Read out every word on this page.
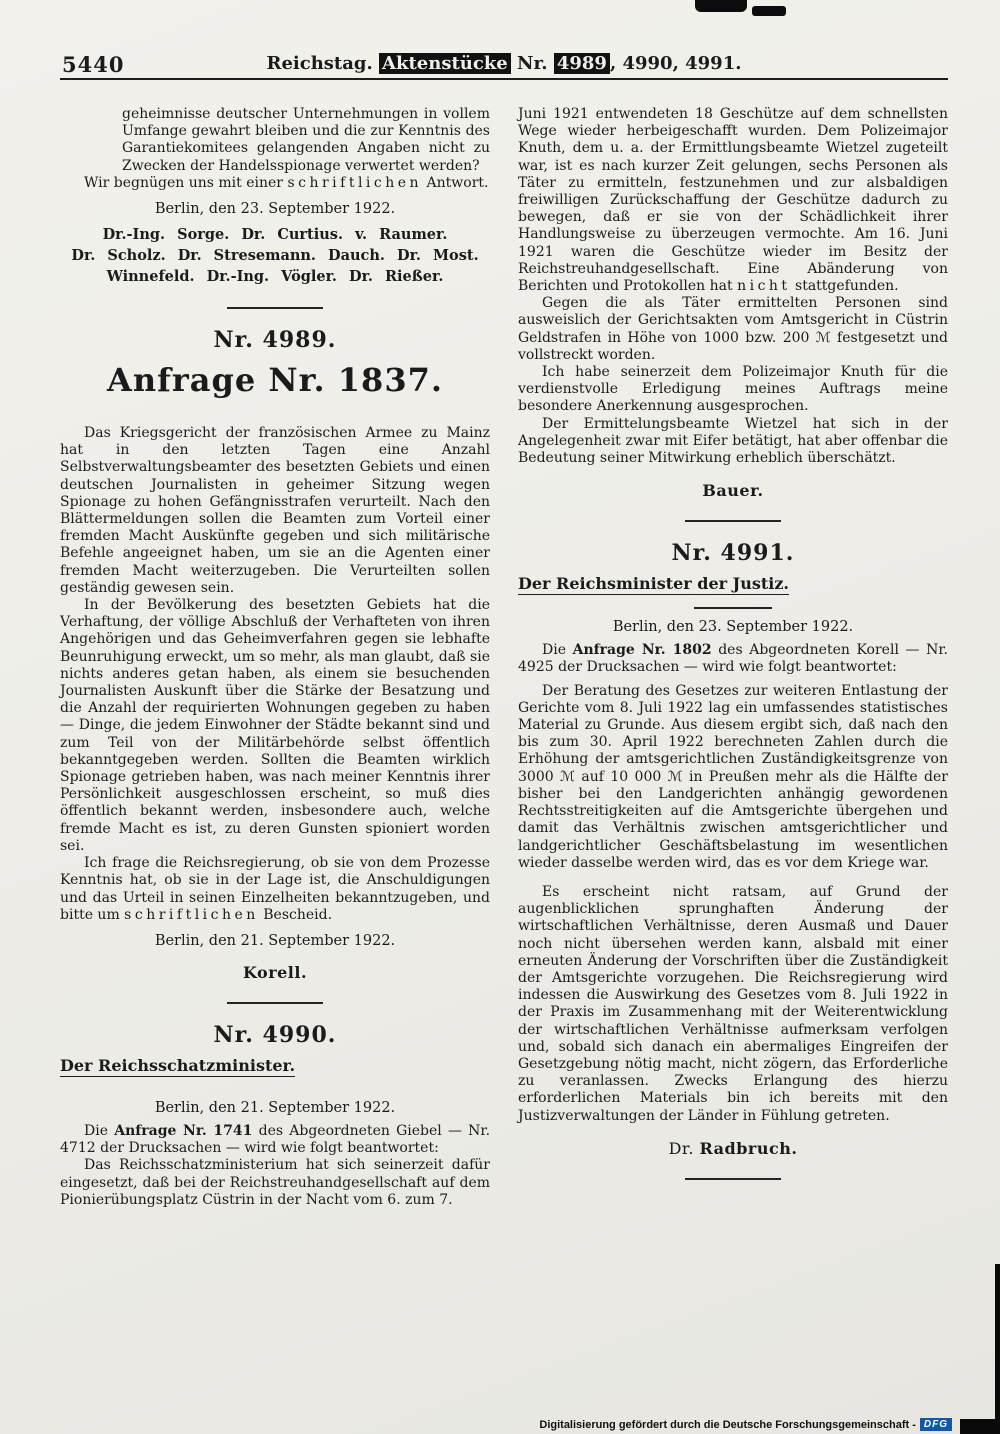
5440	Reichstag. Aktenstücke Nr. 4989 , 4990, 4991.

geheimnisse deutscher Unternehmungen in vollem Umfange gewahrt bleiben und die zur Kenntnis des Garantiekomitees gelangenden Angaben nicht zu Zwecken der Handelsspionage verwertet werden?

Wir begnügen uns mit einer schriftlichen Antwort.

Berlin, den 23. September 1922.

Dr.-Ing. Sorge. Dr. Curtius. v. Raumer.
Dr. Scholz. Dr. Stresemann. Dauch. Dr. Most.
Winnefeld. Dr.-Ing. Vögler. Dr. Rießer.
Nr. 4989.
Anfrage Nr. 1837.

Das Kriegsgericht der französischen Armee zu Mainz hat in den letzten Tagen eine Anzahl Selbstverwaltungsbeamter des besetzten Gebiets und einen deutschen Journalisten in geheimer Sitzung wegen Spionage zu hohen Gefängnisstrafen verurteilt. Nach den Blättermeldungen sollen die Beamten zum Vorteil einer fremden Macht Auskünfte gegeben und sich militärische Befehle angeeignet haben, um sie an die Agenten einer fremden Macht weiterzugeben. Die Verurteilten sollen geständig gewesen sein.

In der Bevölkerung des besetzten Gebiets hat die Verhaftung, der völlige Abschluß der Verhafteten von ihren Angehörigen und das Geheimverfahren gegen sie lebhafte Beunruhigung erweckt, um so mehr, als man glaubt, daß sie nichts anderes getan haben, als einem sie besuchenden Journalisten Auskunft über die Stärke der Besatzung und die Anzahl der requirierten Wohnungen gegeben zu haben — Dinge, die jedem Einwohner der Städte bekannt sind und zum Teil von der Militärbehörde selbst öffentlich bekanntgegeben werden. Sollten die Beamten wirklich Spionage getrieben haben, was nach meiner Kenntnis ihrer Persönlichkeit ausgeschlossen erscheint, so muß dies öffentlich bekannt werden, insbesondere auch, welche fremde Macht es ist, zu deren Gunsten spioniert worden sei.

Ich frage die Reichsregierung, ob sie von dem Prozesse Kenntnis hat, ob sie in der Lage ist, die Anschuldigungen und das Urteil in seinen Einzelheiten bekanntzugeben, und bitte um schriftlichen Bescheid.

Berlin, den 21. September 1922.

Korell.
Nr. 4990.
Der Reichsschatzminister.

Berlin, den 21. September 1922.

Die Anfrage Nr. 1741 des Abgeordneten Giebel — Nr. 4712 der Drucksachen — wird wie folgt beantwortet:

Das Reichsschatzministerium hat sich seinerzeit dafür eingesetzt, daß bei der Reichstreuhandgesellschaft auf dem Pionierübungsplatz Cüstrin in der Nacht vom 6. zum 7.

Juni 1921 entwendeten 18 Geschütze auf dem schnellsten Wege wieder herbeigeschafft wurden. Dem Polizeimajor Knuth, dem u. a. der Ermittlungsbeamte Wietzel zugeteilt war, ist es nach kurzer Zeit gelungen, sechs Personen als Täter zu ermitteln, festzunehmen und zur alsbaldigen freiwilligen Zurückschaffung der Geschütze dadurch zu bewegen, daß er sie von der Schädlichkeit ihrer Handlungsweise zu überzeugen vermochte. Am 16. Juni 1921 waren die Geschütze wieder im Besitz der Reichstreuhandgesellschaft. Eine Abänderung von Berichten und Protokollen hat nicht stattgefunden.

Gegen die als Täter ermittelten Personen sind ausweislich der Gerichtsakten vom Amtsgericht in Cüstrin Geldstrafen in Höhe von 1000 bzw. 200 ℳ festgesetzt und vollstreckt worden.

Ich habe seinerzeit dem Polizeimajor Knuth für die verdienstvolle Erledigung meines Auftrags meine besondere Anerkennung ausgesprochen.

Der Ermittelungsbeamte Wietzel hat sich in der Angelegenheit zwar mit Eifer betätigt, hat aber offenbar die Bedeutung seiner Mitwirkung erheblich überschätzt.

Bauer.
Nr. 4991.
Der Reichsminister der Justiz.

Berlin, den 23. September 1922.

Die Anfrage Nr. 1802 des Abgeordneten Korell — Nr. 4925 der Drucksachen — wird wie folgt beantwortet:

Der Beratung des Gesetzes zur weiteren Entlastung der Gerichte vom 8. Juli 1922 lag ein umfassendes statistisches Material zu Grunde. Aus diesem ergibt sich, daß nach den bis zum 30. April 1922 berechneten Zahlen durch die Erhöhung der amtsgerichtlichen Zuständigkeitsgrenze von 3000 ℳ auf 10 000 ℳ in Preußen mehr als die Hälfte der bisher bei den Landgerichten anhängig gewordenen Rechtsstreitigkeiten auf die Amtsgerichte übergehen und damit das Verhältnis zwischen amtsgerichtlicher und landgerichtlicher Geschäftsbelastung im wesentlichen wieder dasselbe werden wird, das es vor dem Kriege war.

Es erscheint nicht ratsam, auf Grund der augenblicklichen sprunghaften Änderung der wirtschaftlichen Verhältnisse, deren Ausmaß und Dauer noch nicht übersehen werden kann, alsbald mit einer erneuten Änderung der Vorschriften über die Zuständigkeit der Amtsgerichte vorzugehen. Die Reichsregierung wird indessen die Auswirkung des Gesetzes vom 8. Juli 1922 in der Praxis im Zusammenhang mit der Weiterentwicklung der wirtschaftlichen Verhältnisse aufmerksam verfolgen und, sobald sich danach ein abermaliges Eingreifen der Gesetzgebung nötig macht, nicht zögern, das Erforderliche zu veranlassen. Zwecks Erlangung des hierzu erforderlichen Materials bin ich bereits mit den Justizverwaltungen der Länder in Fühlung getreten.

Dr. Radbruch.
Digitalisierung gefördert durch die Deutsche Forschungsgemeinschaft - DFG
